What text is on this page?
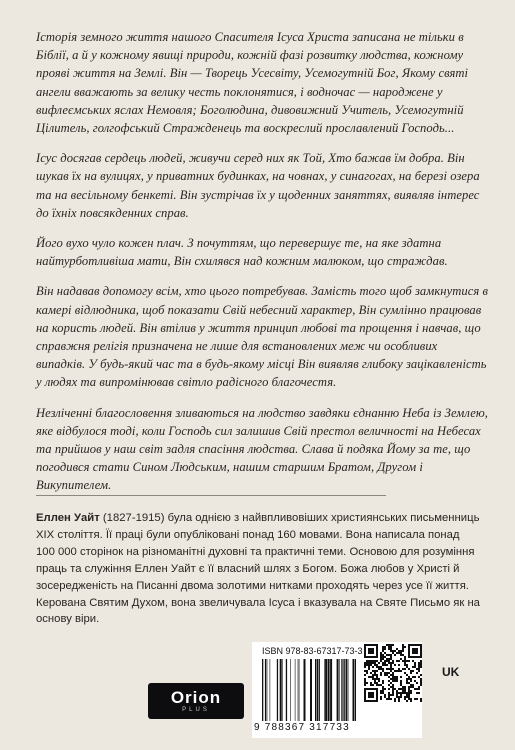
Історія земного життя нашого Спасителя Ісуса Христа записана не тільки в Біблії, а й у кожному явищі природи, кожній фазі розвитку людства, кожному прояві життя на Землі. Він — Творець Усесвіту, Усемогутній Бог, Якому святі ангели вважають за велику честь поклонятися, і водночас — народжене у вифлеємських яслах Немовля; Боголюдина, дивовижний Учитель, Усемогутній Цілитель, голгофський Стражденець та воскреслий прославлений Господь...

Ісус досягав сердець людей, живучи серед них як Той, Хто бажав їм добра. Він шукав їх на вулицях, у приватних будинках, на човнах, у синагогах, на березі озера та на весільному бенкеті. Він зустрічав їх у щоденних заняттях, виявляв інтерес до їхніх повсякденних справ.

Його вухо чуло кожен плач. З почуттям, що перевершує те, на яке здатна найтурботливіша мати, Він схилявся над кожним малюком, що страждав.

Він надавав допомогу всім, хто цього потребував. Замість того щоб замкнутися в камері відлюдника, щоб показати Свій небесний характер, Він сумлінно працював на користь людей. Він втілив у життя принцип любові та прощення і навчав, що справжня релігія призначена не лише для встановлених меж чи особливих випадків. У будь-який час та в будь-якому місці Він виявляв глибоку зацікавленість у людях та випромінював світло радісного благочестя.

Незліченні благословення зливаються на людство завдяки єднанню Неба із Землею, яке відбулося тоді, коли Господь сил залишив Свій престол величності на Небесах та прийшов у наш світ задля спасіння людства. Слава й подяка Йому за те, що погодився стати Сином Людським, нашим старшим Братом, Другом і Викупителем.

Еллен Уайт (1827-1915) була однією з найвпливовіших християнських письменниць XIX століття. Її праці були опубліковані понад 160 мовами. Вона написала понад 100 000 сторінок на різноманітні духовні та практичні теми. Основою для розуміння праць та служіння Еллен Уайт є її власний шлях з Богом. Божа любов у Христі й зосередженість на Писанні двома золотими нитками проходять через усе її життя. Керована Святим Духом, вона звеличувала Ісуса і вказувала на Святе Письмо як на основу віри.

Orion
PLUS
ISBN 978-83-67317-73-3
9 788367 317733
UK
